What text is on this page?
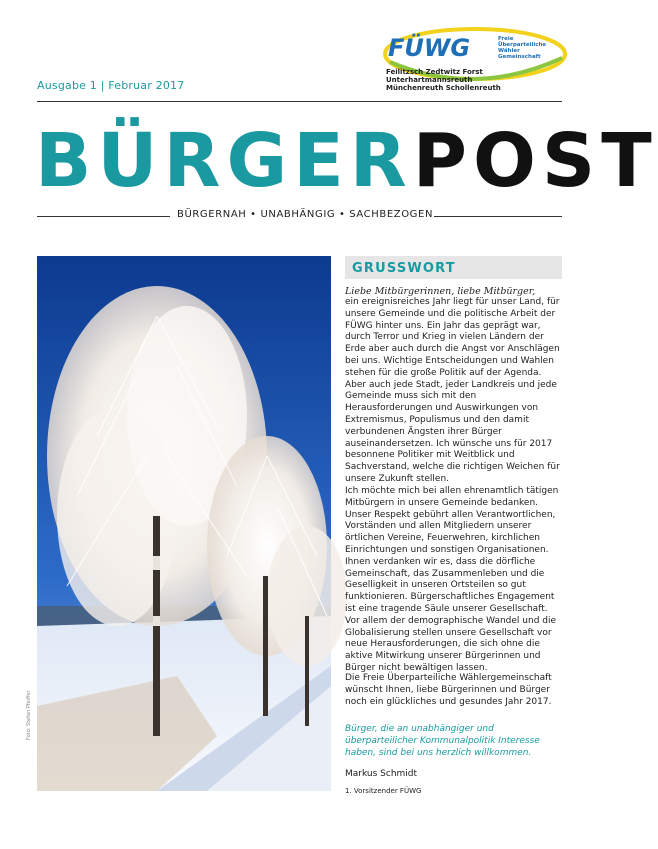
Ausgabe 1 | Februar 2017
FÜWG	Freie
Überparteiliche
Wähler
Gemeinschaft
Feilitzsch Zedtwitz Forst
Unterhartmannsreuth
Münchenreuth Schollenreuth
BÜRGERPOST
BÜRGERNAH • UNABHÄNGIG • SACHBEZOGEN
Foto: Stefan Pfeiffer
GRUSSWORT
Liebe Mitbürgerinnen, liebe Mitbürger,
ein ereignisreiches Jahr liegt für unser Land, für unsere Gemeinde und die politische Arbeit der FÜWG hinter uns. Ein Jahr das geprägt war, durch Terror und Krieg in vielen Ländern der Erde aber auch durch die Angst vor Anschlägen bei uns. Wichtige Entscheidungen und Wahlen stehen für die große Politik auf der Agenda. Aber auch jede Stadt, jeder Landkreis und jede Gemeinde muss sich mit den Herausforderungen und Auswirkungen von Extremismus, Populismus und den damit verbundenen Ängsten ihrer Bürger auseinandersetzen. Ich wünsche uns für 2017 besonnene Politiker mit Weitblick und Sachverstand, welche die richtigen Weichen für unsere Zukunft stellen.
Ich möchte mich bei allen ehrenamtlich tätigen Mitbürgern in unsere Gemeinde bedanken. Unser Respekt gebührt allen Verantwortlichen, Vorständen und allen Mitgliedern unserer örtlichen Vereine, Feuerwehren, kirchlichen Einrichtungen und sonstigen Organisationen. Ihnen verdanken wir es, dass die dörfliche Gemeinschaft, das Zusammenleben und die Geselligkeit in unseren Ortsteilen so gut funktionieren. Bürgerschaftliches Engagement ist eine tragende Säule unserer Gesellschaft. Vor allem der demographische Wandel und die Globalisierung stellen unsere Gesellschaft vor neue Herausforderungen, die sich ohne die aktive Mitwirkung unserer Bürgerinnen und Bürger nicht bewältigen lassen.
Die Freie Überparteiliche Wählergemeinschaft wünscht Ihnen, liebe Bürgerinnen und Bürger noch ein glückliches und gesundes Jahr 2017.
Bürger, die an unabhängiger und überparteilicher Kommunalpolitik Interesse haben, sind bei uns herzlich willkommen.
Markus Schmidt
1. Vorsitzender FÜWG
